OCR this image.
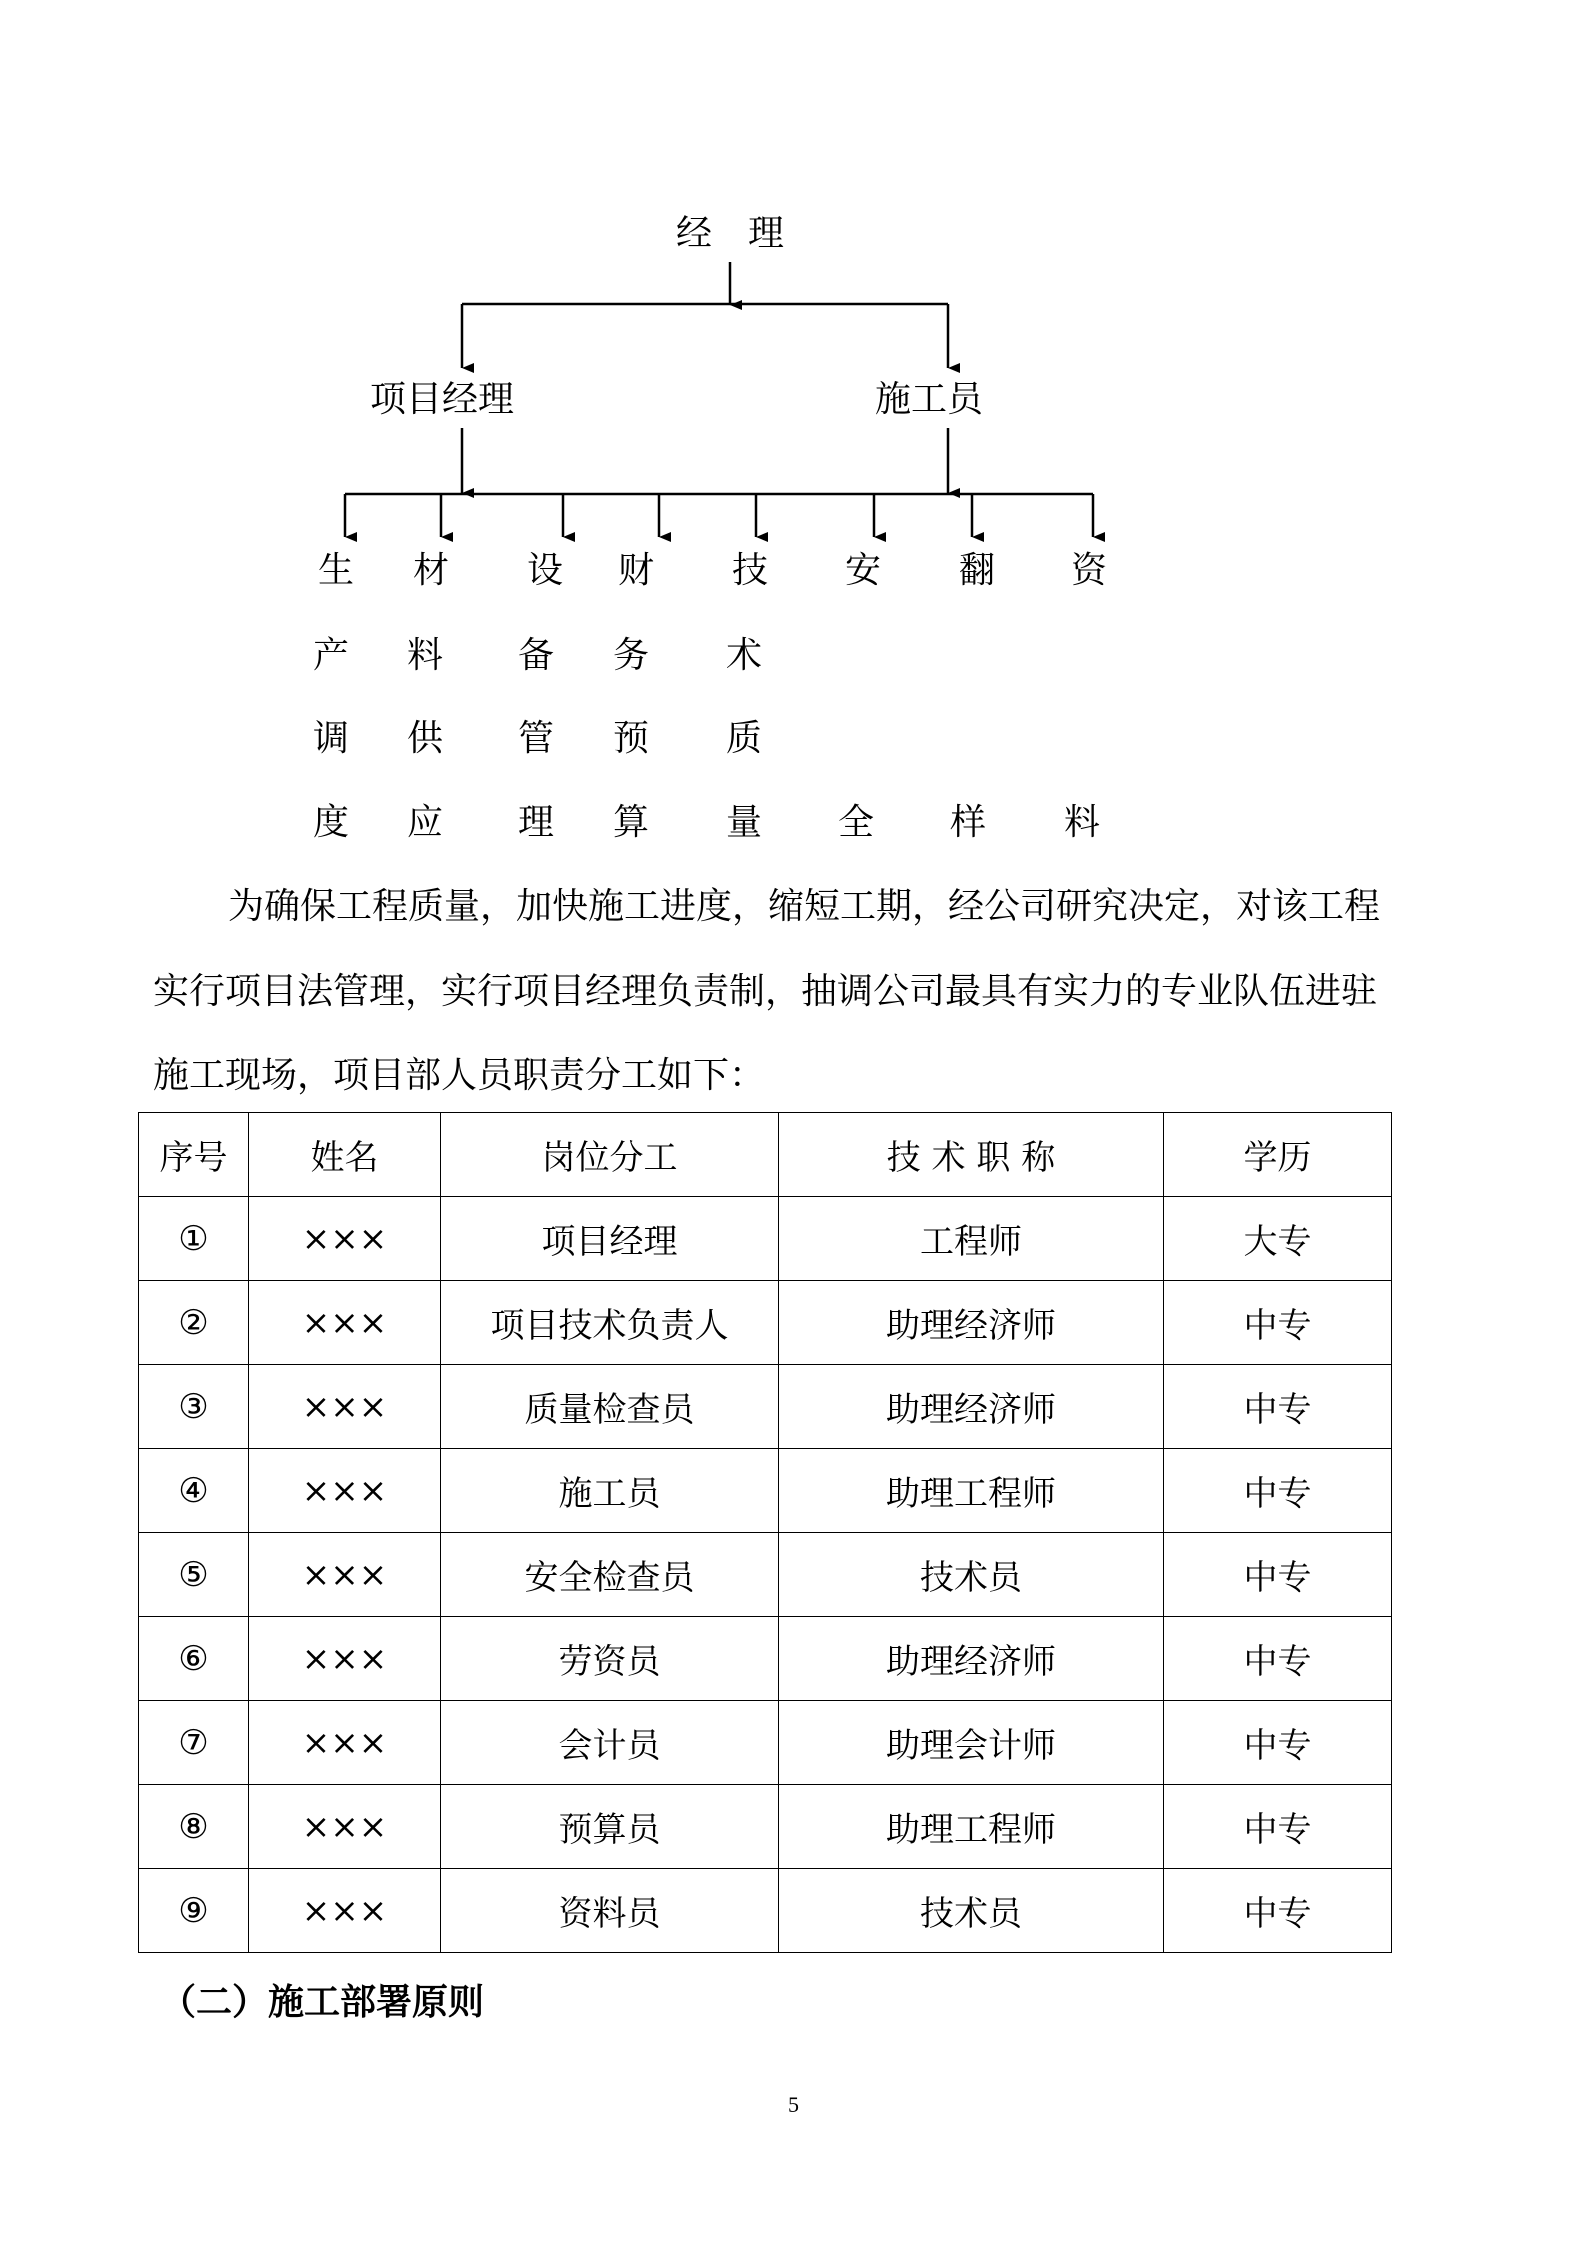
经　理
项目经理	施工员
生
产
调
度
材
料
供
应
设
备
管
理
财
务
预
算
技
术
质
量
安
全
翻
样
资
料
为确保工程质量，加快施工进度，缩短工期，经公司研究决定，对该工程
实行项目法管理，实行项目经理负责制，抽调公司最具有实力的专业队伍进驻
施工现场，项目部人员职责分工如下：
序号	姓名	岗位分工	技 术 职 称	学历
①	×××	项目经理	工程师	大专
②	×××	项目技术负责人	助理经济师	中专
③	×××	质量检查员	助理经济师	中专
④	×××	施工员	助理工程师	中专
⑤	×××	安全检查员	技术员	中专
⑥	×××	劳资员	助理经济师	中专
⑦	×××	会计员	助理会计师	中专
⑧	×××	预算员	助理工程师	中专
⑨	×××	资料员	技术员	中专
（二）施工部署原则
5
